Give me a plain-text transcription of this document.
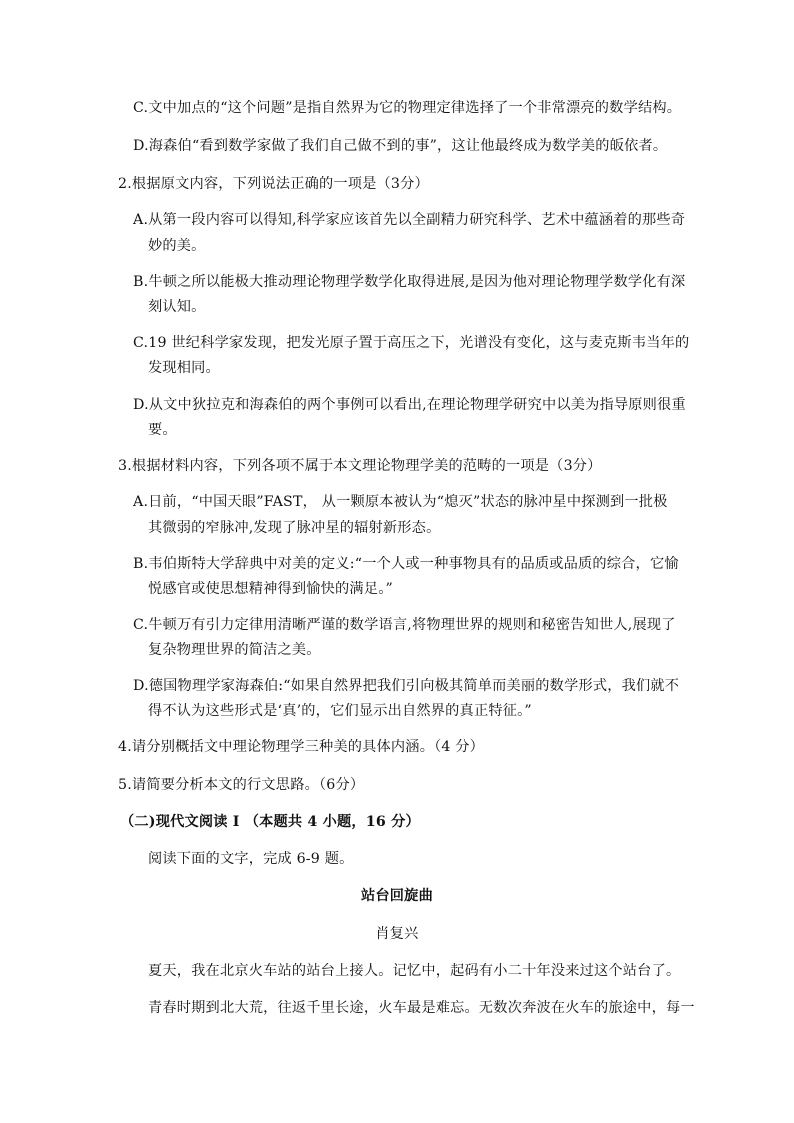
C.文中加点的“这个问题”是指自然界为它的物理定律选择了一个非常漂亮的数学结构。
D.海森伯“看到数学家做了我们自己做不到的事”，这让他最终成为数学美的皈依者。
2.根据原文内容，下列说法正确的一项是（3分）
A.从第一段内容可以得知,科学家应该首先以全副精力研究科学、艺术中蕴涵着的那些奇
妙的美。
B.牛顿之所以能极大推动理论物理学数学化取得进展,是因为他对理论物理学数学化有深
刻认知。
C.19 世纪科学家发现，把发光原子置于高压之下，光谱没有变化，这与麦克斯韦当年的
发现相同。
D.从文中狄拉克和海森伯的两个事例可以看出,在理论物理学研究中以美为指导原则很重
要。
3.根据材料内容，下列各项不属于本文理论物理学美的范畴的一项是（3分）
A.日前，“中国天眼”FAST， 从一颗原本被认为“熄灭”状态的脉冲星中探测到一批极
其微弱的窄脉冲,发现了脉冲星的辐射新形态。
B.韦伯斯特大学辞典中对美的定义:“一个人或一种事物具有的品质或品质的综合，它愉
悦感官或使思想精神得到愉快的满足。”
C.牛顿万有引力定律用清晰严谨的数学语言,将物理世界的规则和秘密告知世人,展现了
复杂物理世界的简洁之美。
D.德国物理学家海森伯:“如果自然界把我们引向极其简单而美丽的数学形式，我们就不
得不认为这些形式是‘真’的，它们显示出自然界的真正特征。”
4.请分别概括文中理论物理学三种美的具体内涵。（4 分）
5.请简要分析本文的行文思路。（6分）
（二)现代文阅读 I （本题共 4 小题，16 分）
阅读下面的文字，完成 6-9 题。
站台回旋曲
肖复兴
夏天，我在北京火车站的站台上接人。记忆中，起码有小二十年没来过这个站台了。
青春时期到北大荒，往返千里长途，火车最是难忘。无数次奔波在火车的旅途中，每一
